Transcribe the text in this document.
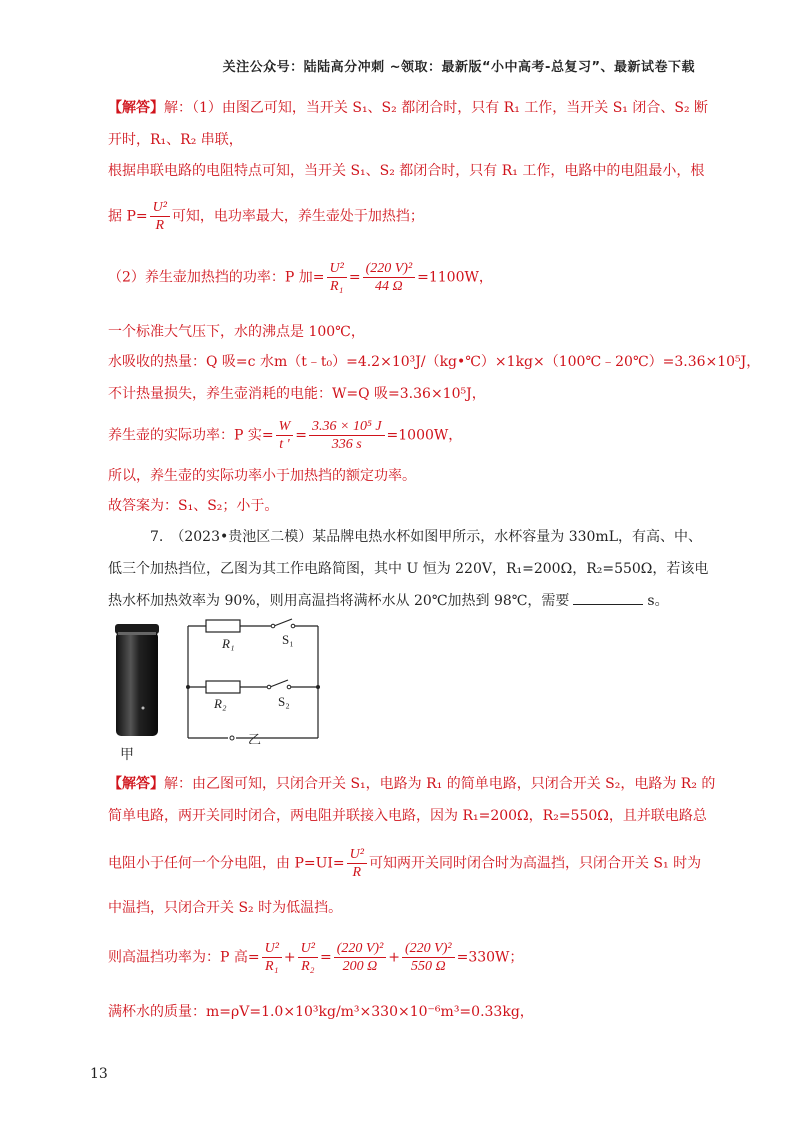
关注公众号：陆陆高分冲刺 ~领取：最新版“小中高考-总复习”、最新试卷下载
【解答】解：（1）由图乙可知，当开关 S₁、S₂ 都闭合时，只有 R₁ 工作，当开关 S₁ 闭合、S₂ 断
开时，R₁、R₂ 串联，
根据串联电路的电阻特点可知，当开关 S₁、S₂ 都闭合时，只有 R₁ 工作，电路中的电阻最小，根
据 $P= \frac{\text{U²}}{R}$ 可知，电功率最大，养生壶处于加热挡；
（2）养生壶加热挡的功率：P 加= $\frac{\text{U²}}{\text{R₁}} = \frac{\text{(220 V)²}}{44 \Omega} =1100W$，
一个标准大气压下，水的沸点是 100℃，
水吸收的热量：Q 吸=c 水m（t﹣t₀）=4.2×10³J/（kg•℃）×1kg×（100℃﹣20℃）=3.36×10⁵J，
不计热量损失，养生壶消耗的电能：W=Q 吸=3.36×10⁵J，
养生壶的实际功率：P 实= $\frac{W}{t '} = \frac{\text{3.36 × 10⁵ J}}{336 s} =1000W$，
所以，养生壶的实际功率小于加热挡的额定功率。
故答案为：S₁、S₂；小于。
7.　（2023•贵池区二模）某品牌电热水杯如图甲所示，水杯容量为 330mL，有高、中、
低三个加热挡位，乙图为其工作电路简图，其中 U 恒为 220V，R₁=200Ω，R₂=550Ω，若该电
热水杯加热效率为 90%，则用高温挡将满杯水从 20℃加热到 98℃，需要	s。
甲
R₁
R₂
S₁
S₂
乙
【解答】解：由乙图可知，只闭合开关 S₁，电路为 R₁ 的简单电路，只闭合开关 S₂，电路为 R₂ 的
简单电路，两开关同时闭合，两电阻并联接入电路，因为 R₁=200Ω，R₂=550Ω，且并联电路总
电阻小于任何一个分电阻，由 $P=UI= \frac{\text{U²}}{R}$ 可知两开关同时闭合时为高温挡，只闭合开关 S₁ 时为
中温挡，只闭合开关 S₂ 时为低温挡。
则高温挡功率为：P 高= $\frac{\text{U²}}{\text{R₁}} + \frac{\text{U²}}{\text{R₂}} = \frac{\text{(220 V)²}}{200 \Omega} + \frac{\text{(220 V)²}}{550 \Omega} =330W$；
满杯水的质量：m=ρV=1.0×10³kg/m³×330×10⁻⁶m³=0.33kg，
13
